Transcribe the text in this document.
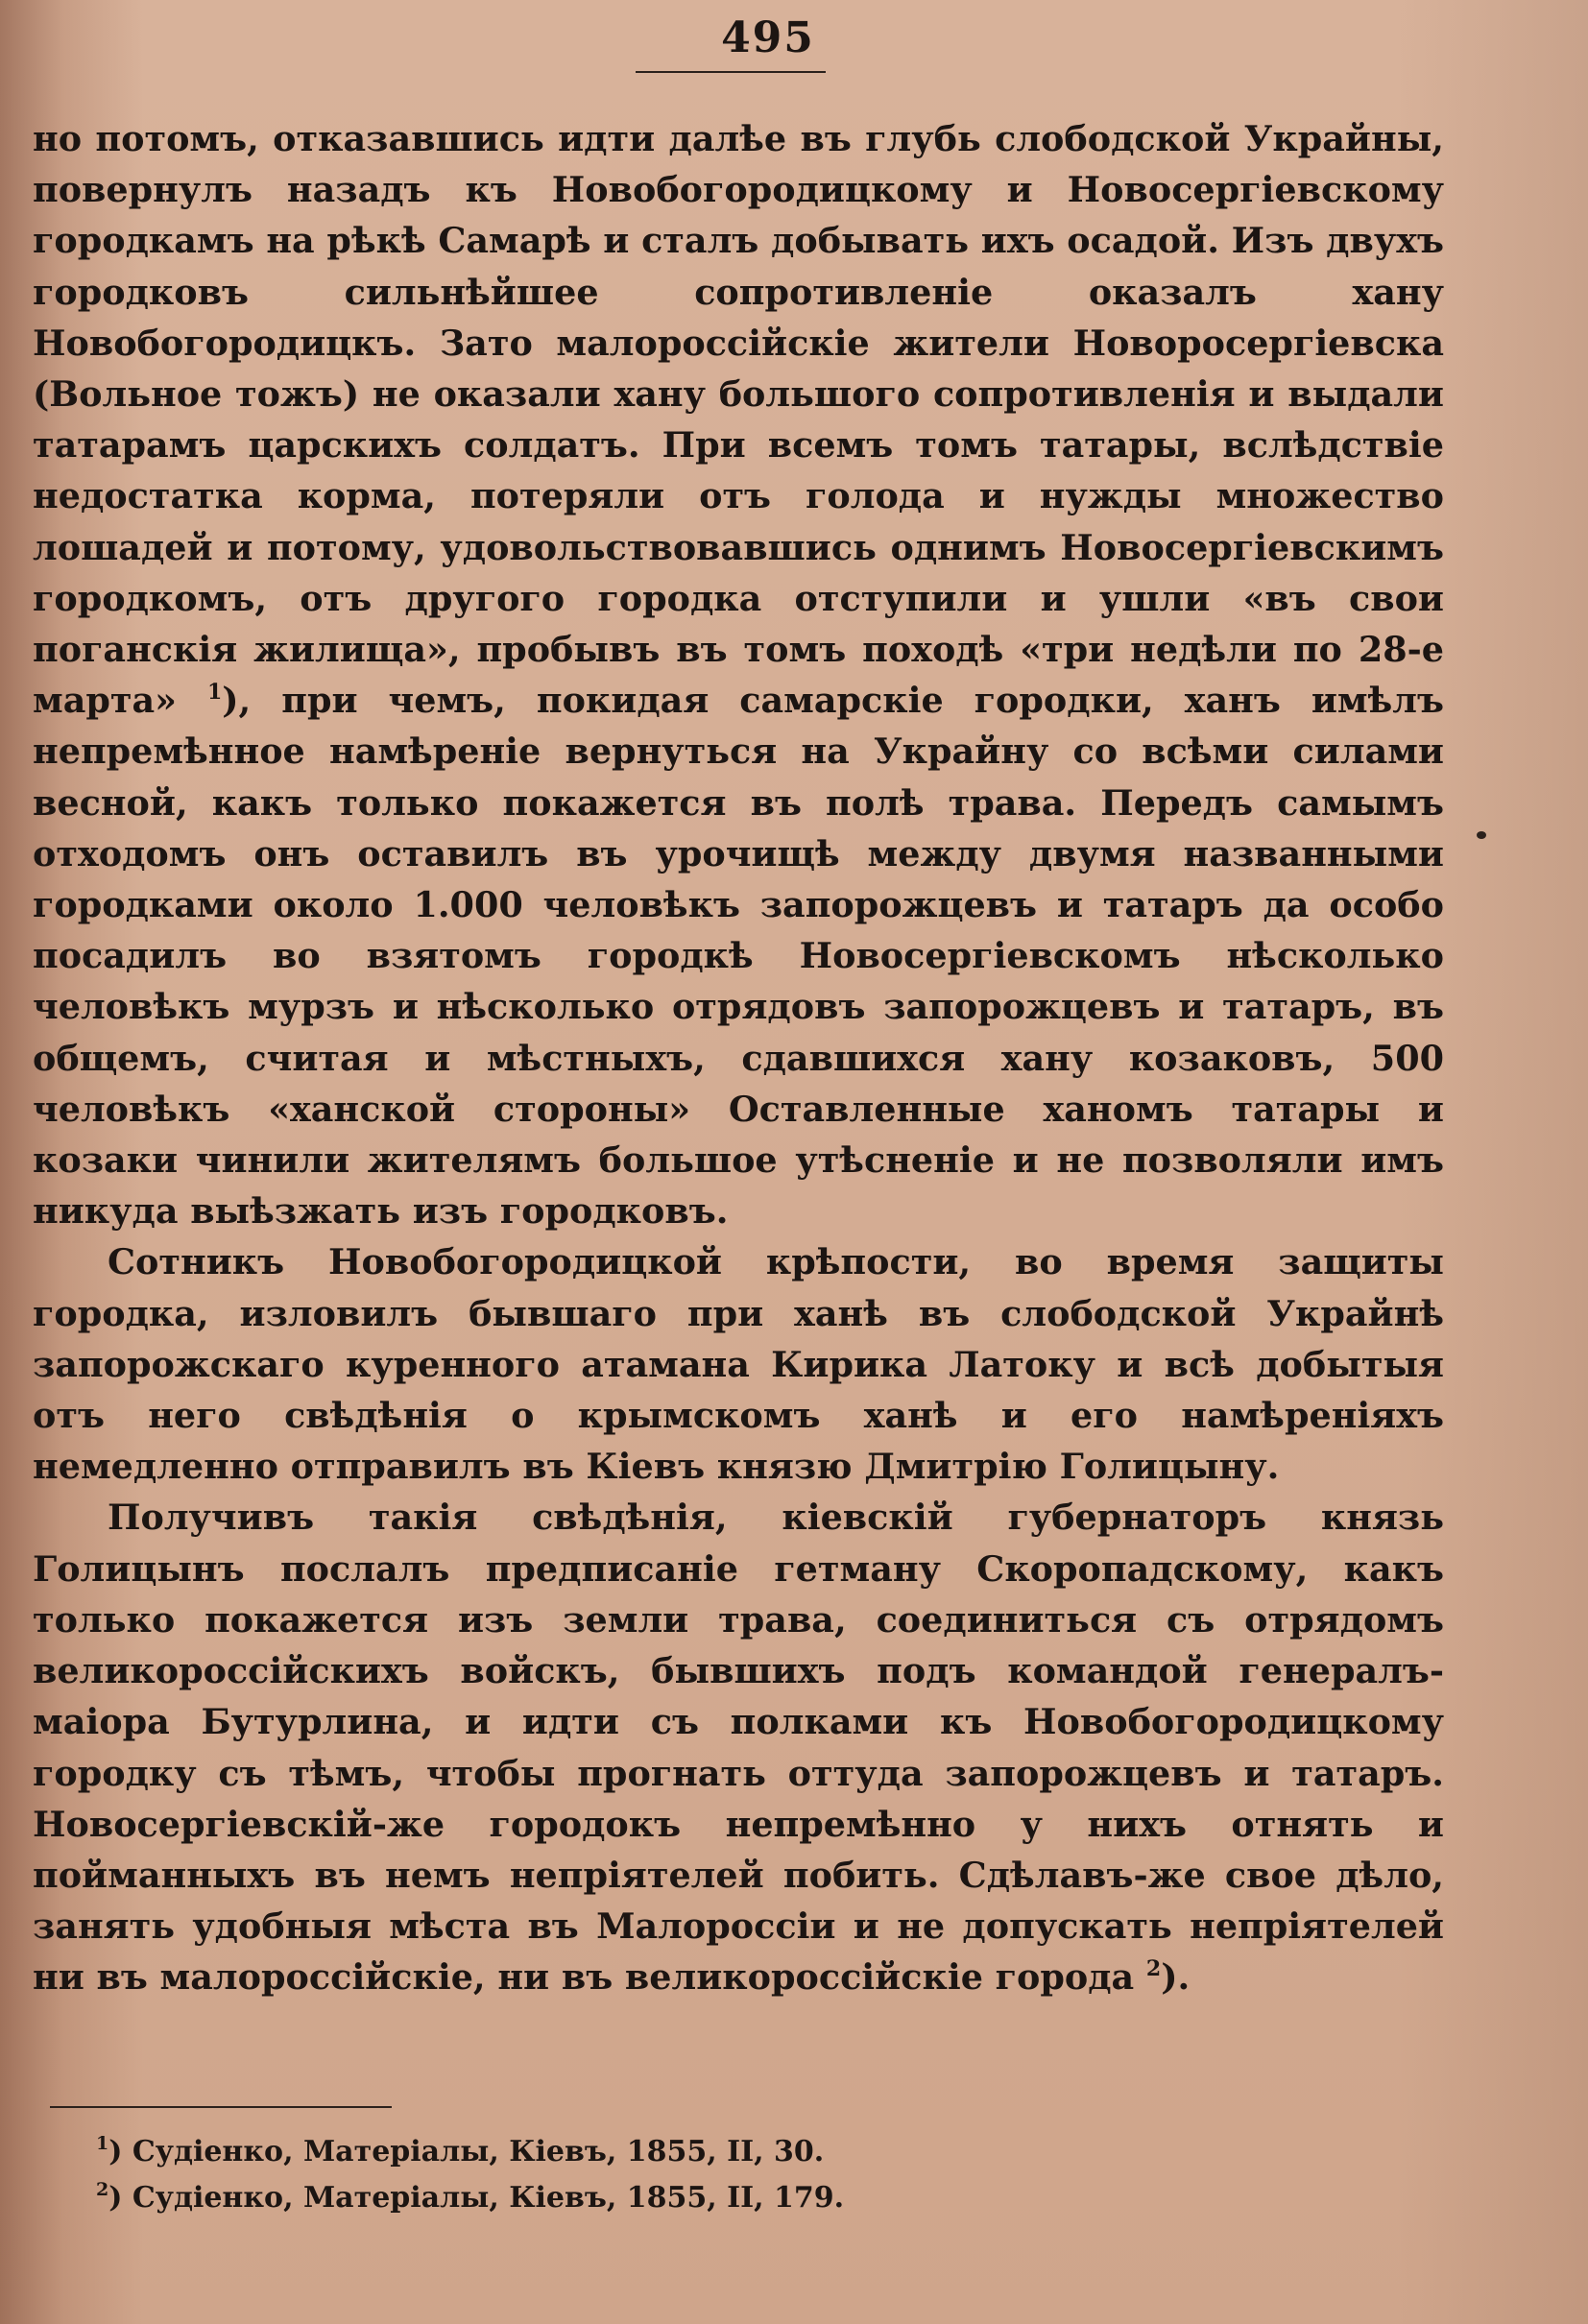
495

но потомъ, отказавшись идти далѣе въ глубь слободской Украйны, повернулъ назадъ къ Новобогородицкому и Новосергіевскому городкамъ на рѣкѣ Самарѣ и сталъ добывать ихъ осадой. Изъ двухъ городковъ сильнѣйшее сопротивленіе оказалъ хану Новобогородицкъ. Зато малороссійскіе жители Новоросергіевска (Вольное тожъ) не оказали хану большого сопротивленія и выдали татарамъ царскихъ солдатъ. При всемъ томъ татары, вслѣдствіе недостатка корма, потеряли отъ голода и нужды множество лошадей и потому, удовольствовавшись однимъ Новосергіевскимъ городкомъ, отъ другого городка отступили и ушли «въ свои поганскія жилища», пробывъ въ томъ походѣ «три недѣли по 28-е марта» $^1$), при чемъ, покидая самарскіе городки, ханъ имѣлъ непремѣнное намѣреніе вернуться на Украйну со всѣми силами весной, какъ только покажется въ полѣ трава. Передъ самымъ отходомъ онъ оставилъ въ урочищѣ между двумя названными городками около 1.000 человѣкъ запорожцевъ и татаръ да особо посадилъ во взятомъ городкѣ Новосергіевскомъ нѣсколько человѣкъ мурзъ и нѣсколько отрядовъ запорожцевъ и татаръ, въ общемъ, считая и мѣстныхъ, сдавшихся хану козаковъ, 500 человѣкъ «ханской стороны» Оставленные ханомъ татары и козаки чинили жителямъ большое утѣсненіе и не позволяли имъ никуда выѣзжать изъ городковъ.

Сотникъ Новобогородицкой крѣпости, во время защиты городка, изловилъ бывшаго при ханѣ въ слободской Украйнѣ запорожскаго куренного атамана Кирика Латоку и всѣ добытыя отъ него свѣдѣнія о крымскомъ ханѣ и его намѣреніяхъ немедленно отправилъ въ Кіевъ князю Дмитрію Голицыну.

Получивъ такія свѣдѣнія, кіевскій губернаторъ князь Голицынъ послалъ предписаніе гетману Скоропадскому, какъ только покажется изъ земли трава, соединиться съ отрядомъ великороссійскихъ войскъ, бывшихъ подъ командой генералъ-маіора Бутурлина, и идти съ полками къ Новобогородицкому городку съ тѣмъ, чтобы прогнать оттуда запорожцевъ и татаръ. Новосергіевскій-же городокъ непремѣнно у нихъ отнять и пойманныхъ въ немъ непріятелей побить. Сдѣлавъ-же свое дѣло, занять удобныя мѣста въ Малороссіи и не допускать непріятелей ни въ малороссійскіе, ни въ великороссійскіе города $^2$).

$^1$) Судіенко, Матеріалы, Кіевъ, 1855, II, 30.

$^2$) Судіенко, Матеріалы, Кіевъ, 1855, II, 179.
